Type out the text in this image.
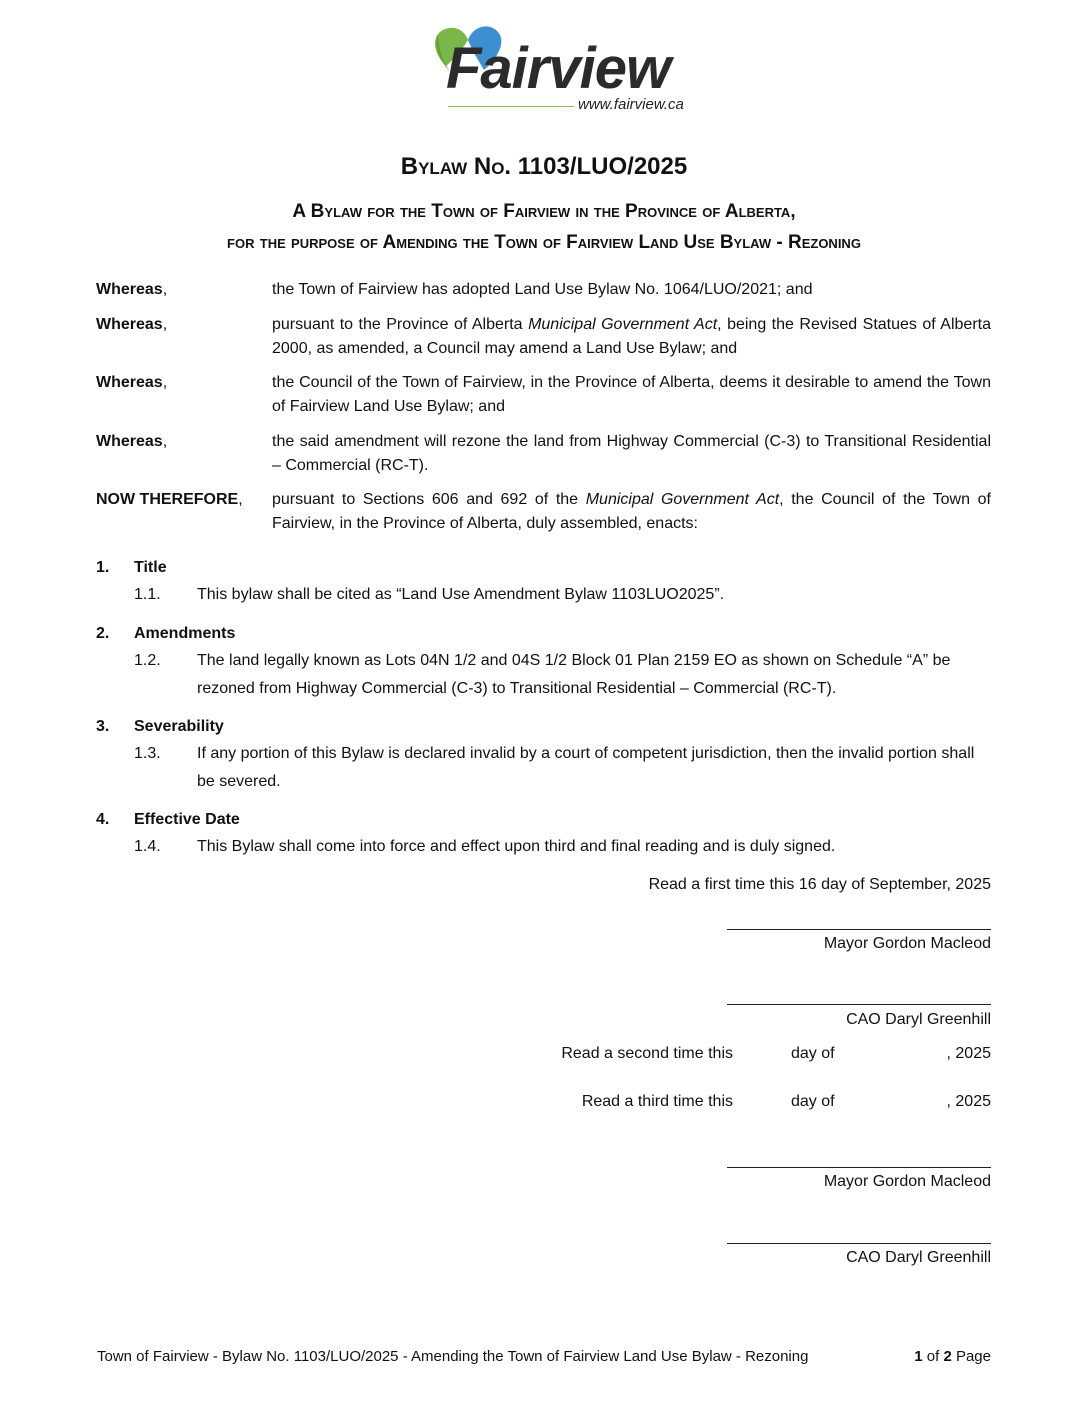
Fairview
www.fairview.ca
Bylaw No. 1103/LUO/2025
A Bylaw for the Town of Fairview in the Province of Alberta,
for the purpose of Amending the Town of Fairview Land Use Bylaw - Rezoning
Whereas,	the Town of Fairview has adopted Land Use Bylaw No. 1064/LUO/2021; and
Whereas,	pursuant to the Province of Alberta Municipal Government Act, being the Revised Statues of Alberta 2000, as amended, a Council may amend a Land Use Bylaw; and
Whereas,	the Council of the Town of Fairview, in the Province of Alberta, deems it desirable to amend the Town of Fairview Land Use Bylaw; and
Whereas,	the said amendment will rezone the land from Highway Commercial (C-3) to Transitional Residential – Commercial (RC-T).
NOW THEREFORE,	pursuant to Sections 606 and 692 of the Municipal Government Act, the Council of the Town of Fairview, in the Province of Alberta, duly assembled, enacts:
1. Title
1.1. This bylaw shall be cited as “Land Use Amendment Bylaw 1103LUO2025”.
2. Amendments
1.2. The land legally known as Lots 04N 1/2 and 04S 1/2 Block 01 Plan 2159 EO as shown on Schedule “A” be rezoned from Highway Commercial (C-3) to Transitional Residential – Commercial (RC-T).
3. Severability
1.3. If any portion of this Bylaw is declared invalid by a court of competent jurisdiction, then the invalid portion shall be severed.
4. Effective Date
1.4. This Bylaw shall come into force and effect upon third and final reading and is duly signed.
Read a first time this 16 day of September, 2025
Mayor Gordon Macleod
CAO Daryl Greenhill
Read a second time this	day of	, 2025
Read a third time this	day of	, 2025
Mayor Gordon Macleod
CAO Daryl Greenhill
Town of Fairview - Bylaw No. 1103/LUO/2025 - Amending the Town of Fairview Land Use Bylaw - Rezoning	1 of 2 Page
